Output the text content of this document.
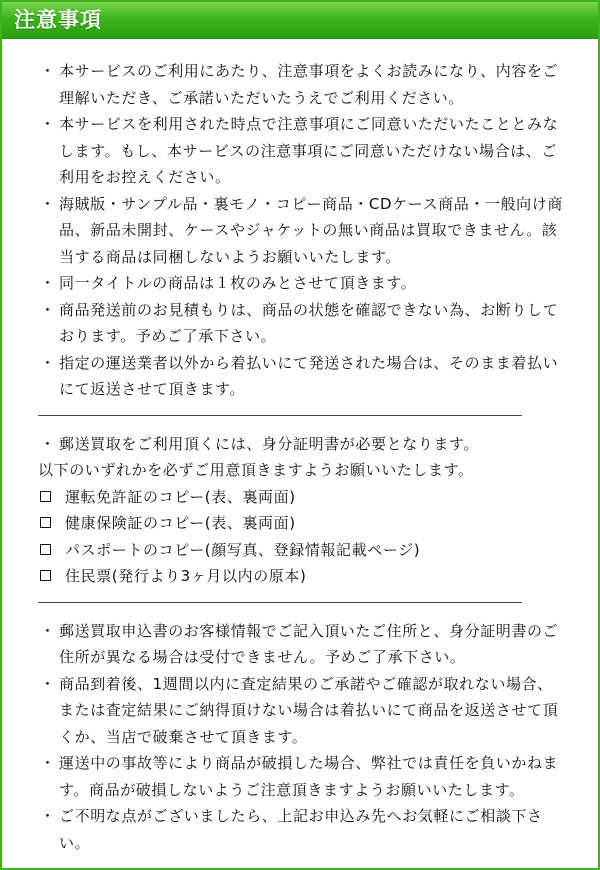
注意事項
・ 本サービスのご利用にあたり、注意事項をよくお読みになり、内容をご理解いただき、ご承諾いただいたうえでご利用ください。
・ 本サービスを利用された時点で注意事項にご同意いただいたこととみなします。もし、本サービスの注意事項にご同意いただけない場合は、ご利用をお控えください。
・ 海賊版・サンプル品・裏モノ・コピー商品・CDケース商品・一般向け商品、新品未開封、ケースやジャケットの無い商品は買取できません。該当する商品は同梱しないようお願いいたします。
・ 同一タイトルの商品は１枚のみとさせて頂きます。
・ 商品発送前のお見積もりは、商品の状態を確認できない為、お断りしております。予めご了承下さい。
・ 指定の運送業者以外から着払いにて発送された場合は、そのまま着払いにて返送させて頂きます。
・ 郵送買取をご利用頂くには、身分証明書が必要となります。
以下のいずれかを必ずご用意頂きますようお願いいたします。
運転免許証のコピー(表、裏両面)
健康保険証のコピー(表、裏両面)
パスポートのコピー(顔写真、登録情報記載ページ)
住民票(発行より3ヶ月以内の原本)
・ 郵送買取申込書のお客様情報でご記入頂いたご住所と、身分証明書のご住所が異なる場合は受付できません。予めご了承下さい。
・ 商品到着後、1週間以内に査定結果のご承諾やご確認が取れない場合、または査定結果にご納得頂けない場合は着払いにて商品を返送させて頂くか、当店で破棄させて頂きます。
・ 運送中の事故等により商品が破損した場合、弊社では責任を負いかねます。商品が破損しないようご注意頂きますようお願いいたします。
・ ご不明な点がございましたら、上記お申込み先へお気軽にご相談下さい。
